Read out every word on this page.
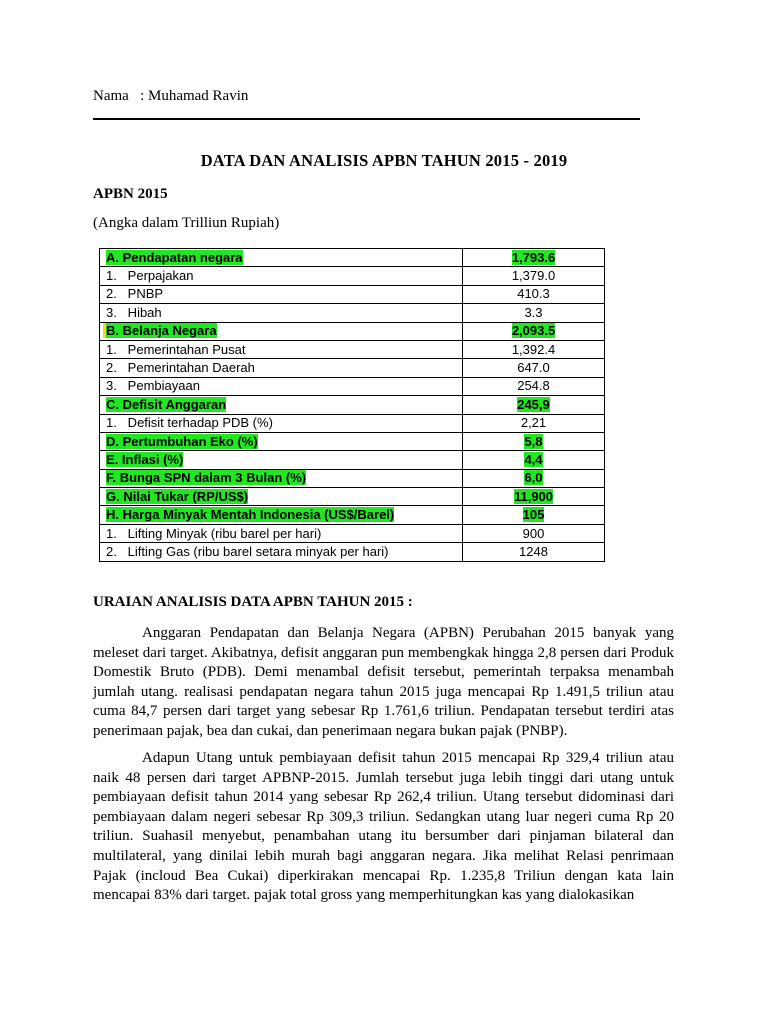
Nama   : Muhamad Ravin
DATA DAN ANALISIS APBN TAHUN 2015 - 2019
APBN 2015
(Angka dalam Trilliun Rupiah)
A. Pendapatan negara	1,793.6
1.   Perpajakan	1,379.0
2.   PNBP	410.3
3.   Hibah	3.3
B. Belanja Negara	2,093.5
1.   Pemerintahan Pusat	1,392.4
2.   Pemerintahan Daerah	647.0
3.   Pembiayaan	254.8
C. Defisit Anggaran	245,9
1.   Defisit terhadap PDB (%)	2,21
D. Pertumbuhan Eko (%)	5,8
E. Inflasi (%)	4,4
F. Bunga SPN dalam 3 Bulan (%)	6,0
G. Nilai Tukar (RP/US$)	11,900
H. Harga Minyak Mentah Indonesia (US$/Barel)	105
1.   Lifting Minyak (ribu barel per hari)	900
2.   Lifting Gas (ribu barel setara minyak per hari)	1248
URAIAN ANALISIS DATA APBN TAHUN 2015 :

Anggaran Pendapatan dan Belanja Negara (APBN) Perubahan 2015 banyak yang meleset dari target. Akibatnya, defisit anggaran pun membengkak hingga 2,8 persen dari Produk Domestik Bruto (PDB). Demi menambal defisit tersebut, pemerintah terpaksa menambah jumlah utang. realisasi pendapatan negara tahun 2015 juga mencapai Rp 1.491,5 triliun atau cuma 84,7 persen dari target yang sebesar Rp 1.761,6 triliun. Pendapatan tersebut terdiri atas penerimaan pajak, bea dan cukai, dan penerimaan negara bukan pajak (PNBP).

Adapun Utang untuk pembiayaan defisit tahun 2015 mencapai Rp 329,4 triliun atau naik 48 persen dari target APBNP-2015. Jumlah tersebut juga lebih tinggi dari utang untuk pembiayaan defisit tahun 2014 yang sebesar Rp 262,4 triliun. Utang tersebut didominasi dari pembiayaan dalam negeri sebesar Rp 309,3 triliun. Sedangkan utang luar negeri cuma Rp 20 triliun. Suahasil menyebut, penambahan utang itu bersumber dari pinjaman bilateral dan multilateral, yang dinilai lebih murah bagi anggaran negara. Jika melihat Relasi penrimaan Pajak (incloud Bea Cukai) diperkirakan mencapai Rp. 1.235,8 Triliun dengan kata lain mencapai 83% dari target. pajak total gross yang memperhitungkan kas yang dialokasikan
